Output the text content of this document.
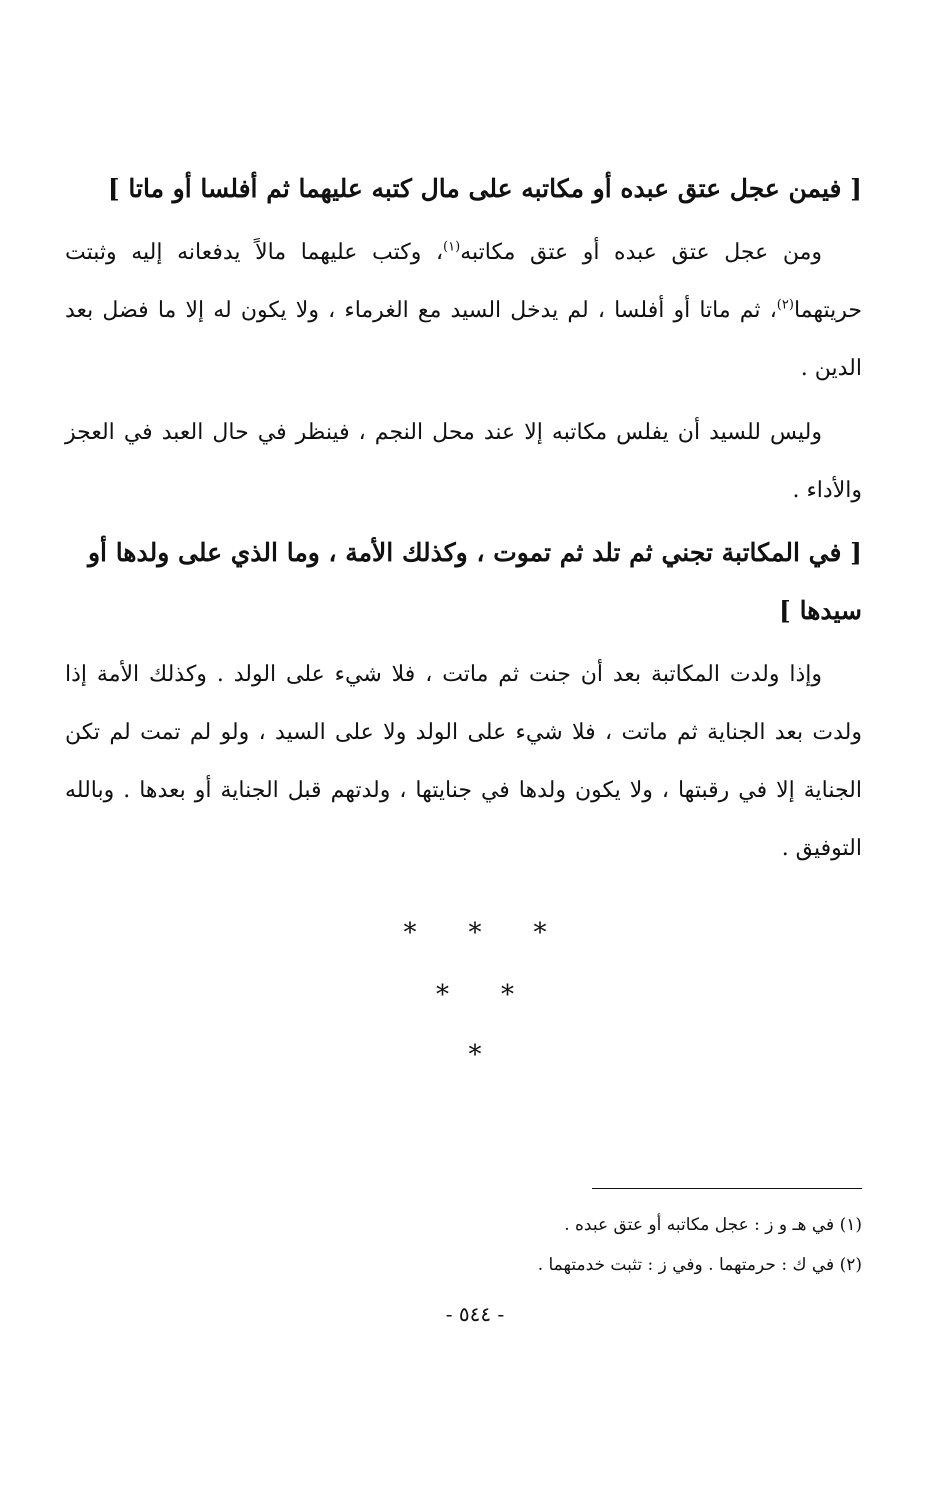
[ فيمن عجل عتق عبده أو مكاتبه على مال كتبه عليهما ثم أفلسا أو ماتا ]

ومن عجل عتق عبده أو عتق مكاتبه$^{(١)}$، وكتب عليهما مالاً يدفعانه إليه وثبتت حريتهما$^{(٢)}$، ثم ماتا أو أفلسا ، لم يدخل السيد مع الغرماء ، ولا يكون له إلا ما فضل بعد الدين .

وليس للسيد أن يفلس مكاتبه إلا عند محل النجم ، فينظر في حال العبد في العجز والأداء .

[ في المكاتبة تجني ثم تلد ثم تموت ، وكذلك الأمة ، وما الذي على ولدها أو سيدها ]

وإذا ولدت المكاتبة بعد أن جنت ثم ماتت ، فلا شيء على الولد . وكذلك الأمة إذا ولدت بعد الجناية ثم ماتت ، فلا شيء على الولد ولا على السيد ، ولو لم تمت لم تكن الجناية إلا في رقبتها ، ولا يكون ولدها في جنايتها ، ولدتهم قبل الجناية أو بعدها . وبالله التوفيق .

* * *
* *
*

(١) في هـ و ز : عجل مكاتبه أو عتق عبده .

(٢) في ك : حرمتهما . وفي ز : تثبت خدمتهما .

- ٥٤٤ -
